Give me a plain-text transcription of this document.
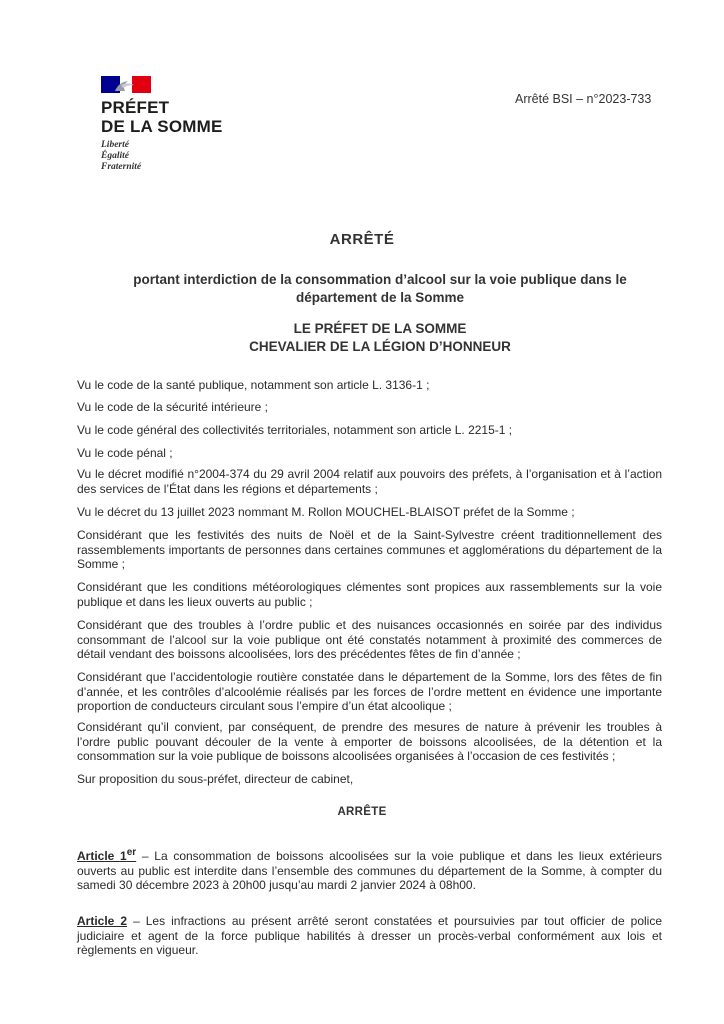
PRÉFET
DE LA SOMME
Liberté
Égalité
Fraternité
Arrêté BSI – n°2023-733
ARRÊTÉ
portant interdiction de la consommation d’alcool sur la voie publique dans le département de la Somme
LE PRÉFET DE LA SOMME
CHEVALIER DE LA LÉGION D’HONNEUR
Vu le code de la santé publique, notamment son article L. 3136-1 ;
Vu le code de la sécurité intérieure ;
Vu le code général des collectivités territoriales, notamment son article L. 2215-1 ;
Vu le code pénal ;
Vu le décret modifié n°2004-374 du 29 avril 2004 relatif aux pouvoirs des préfets, à l’organisation et à l’action des services de l’État dans les régions et départements ;
Vu le décret du 13 juillet 2023 nommant M. Rollon MOUCHEL-BLAISOT préfet de la Somme ;
Considérant que les festivités des nuits de Noël et de la Saint-Sylvestre créent traditionnellement des rassemblements importants de personnes dans certaines communes et agglomérations du département de la Somme ;
Considérant que les conditions météorologiques clémentes sont propices aux rassemblements sur la voie publique et dans les lieux ouverts au public ;
Considérant que des troubles à l’ordre public et des nuisances occasionnés en soirée par des individus consommant de l’alcool sur la voie publique ont été constatés notamment à proximité des commerces de détail vendant des boissons alcoolisées, lors des précédentes fêtes de fin d’année ;
Considérant que l’accidentologie routière constatée dans le département de la Somme, lors des fêtes de fin d’année, et les contrôles d’alcoolémie réalisés par les forces de l’ordre mettent en évidence une importante proportion de conducteurs circulant sous l’empire d’un état alcoolique ;
Considérant qu’il convient, par conséquent, de prendre des mesures de nature à prévenir les troubles à l’ordre public pouvant découler de la vente à emporter de boissons alcoolisées, de la détention et la consommation sur la voie publique de boissons alcoolisées organisées à l’occasion de ces festivités ;
Sur proposition du sous-préfet, directeur de cabinet,
ARRÊTE

Article 1er – La consommation de boissons alcoolisées sur la voie publique et dans les lieux extérieurs ouverts au public est interdite dans l’ensemble des communes du département de la Somme, à compter du samedi 30 décembre 2023 à 20h00 jusqu’au mardi 2 janvier 2024 à 08h00.

Article 2 – Les infractions au présent arrêté seront constatées et poursuivies par tout officier de police judiciaire et agent de la force publique habilités à dresser un procès-verbal conformément aux lois et règlements en vigueur.
